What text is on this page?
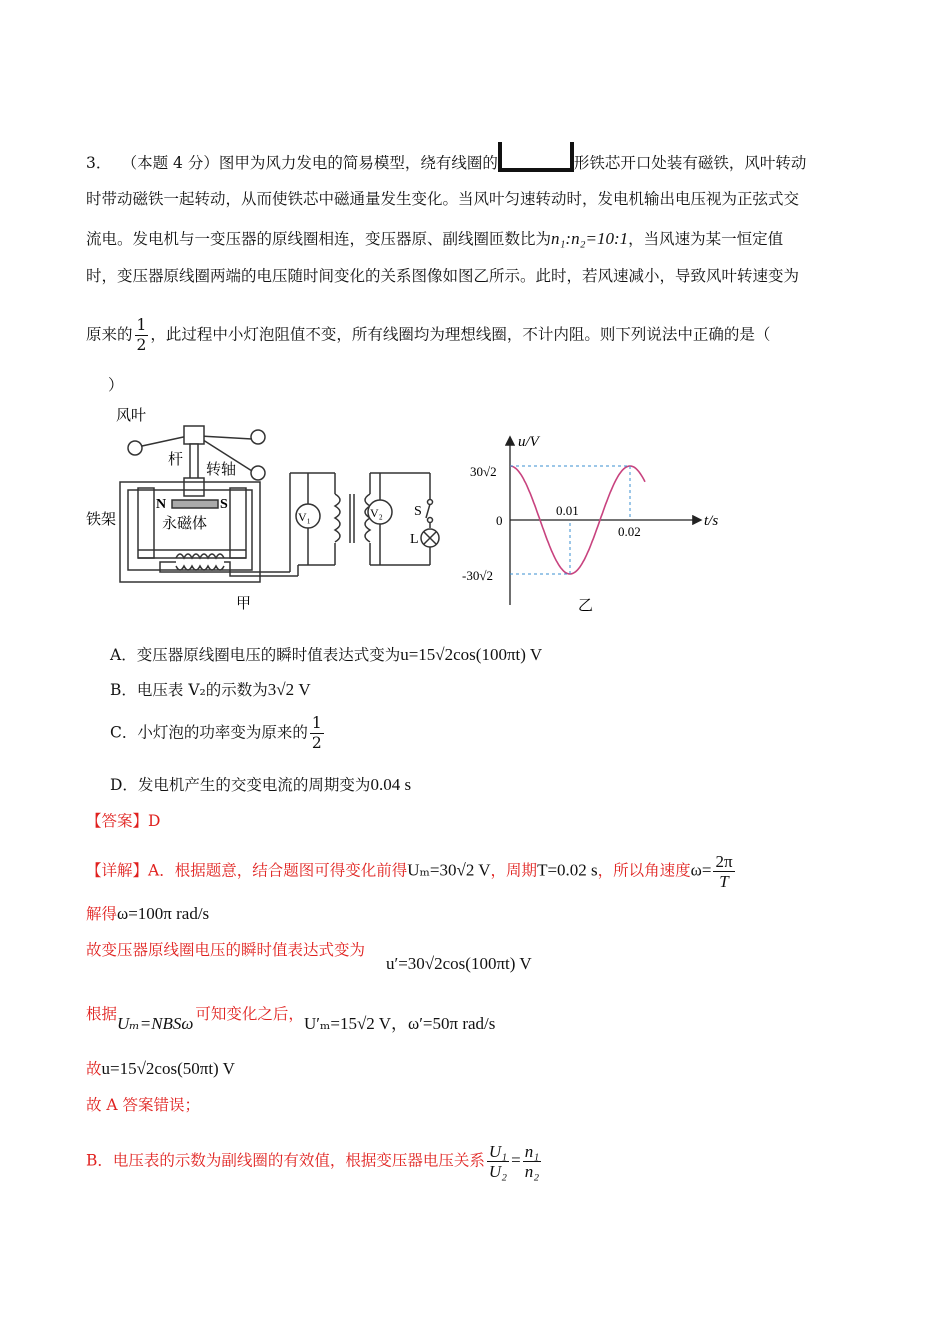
3． （本题 4 分）图甲为风力发电的简易模型，绕有线圈的	形铁芯开口处装有磁铁，风叶转动
时带动磁铁一起转动，从而使铁芯中磁通量发生变化。当风叶匀速转动时，发电机输出电压视为正弦式交
流电。发电机与一变压器的原线圈相连，变压器原、副线圈匝数比为n₁:n₂=10:1，当风速为某一恒定值
时，变压器原线圈两端的电压随时间变化的关系图像如图乙所示。此时，若风速减小，导致风叶转速变为
原来的 $\frac{1}{2}$ ，此过程中小灯泡阻值不变，所有线圈均为理想线圈，不计内阻。则下列说法中正确的是（
）
风叶
杆
转轴
铁架
N	S
永磁体	V₁	V₂ S
L
甲
u/V
t/s
30√2
0
-30√2
0.01
0.02
乙
A．变压器原线圈电压的瞬时值表达式变为u=15√2cos(100πt) V
B．电压表 V₂的示数为3√2 V
C．小灯泡的功率变为原来的 $\frac{1}{2}$
D．发电机产生的交变电流的周期变为0.04 s
【答案】D
【详解】A．根据题意，结合题图可得变化前得Uₘ=30√2 V，周期T=0.02 s，所以角速度$\omega= \frac{2\pi}{T}$
解得ω=100π rad/s
故变压器原线圈电压的瞬时值表达式变为
u′=30√2cos(100πt) V
根据Uₘ=NBSω 可知变化之后，U′ₘ=15√2 V，ω′=50π rad/s
故u=15√2cos(50πt) V
故 A 答案错误；
B．电压表的示数为副线圈的有效值，根据变压器电压关系 $\frac{\text{U₁}}{\text{U₂}} = \frac{\text{n₁}}{\text{n₂}}$
